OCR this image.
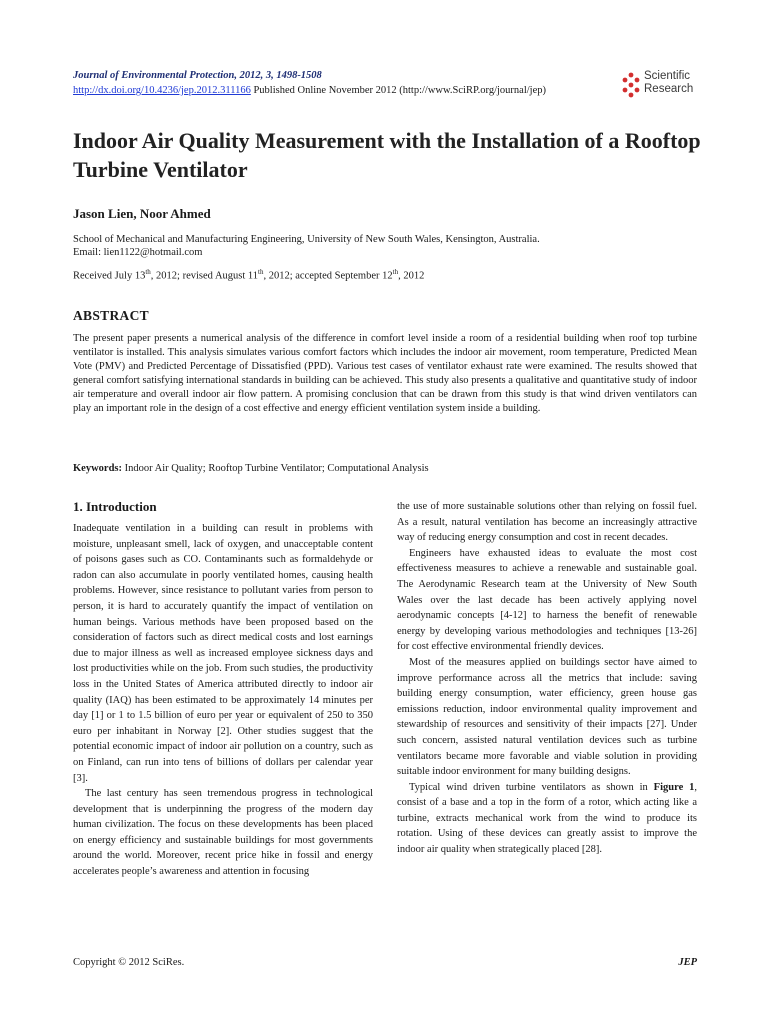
Journal of Environmental Protection, 2012, 3, 1498-1508
http://dx.doi.org/10.4236/jep.2012.311166 Published Online November 2012 (http://www.SciRP.org/journal/jep)
Scientific
Research
Indoor Air Quality Measurement with the Installation of a Rooftop Turbine Ventilator
Jason Lien, Noor Ahmed
School of Mechanical and Manufacturing Engineering, University of New South Wales, Kensington, Australia.
Email: lien1122@hotmail.com
Received July 13th, 2012; revised August 11th, 2012; accepted September 12th, 2012
ABSTRACT
The present paper presents a numerical analysis of the difference in comfort level inside a room of a residential building when roof top turbine ventilator is installed. This analysis simulates various comfort factors which includes the indoor air movement, room temperature, Predicted Mean Vote (PMV) and Predicted Percentage of Dissatisfied (PPD). Various test cases of ventilator exhaust rate were examined. The results showed that general comfort satisfying international standards in building can be achieved. This study also presents a qualitative and quantitative study of indoor air temperature and overall indoor air flow pattern. A promising conclusion that can be drawn from this study is that wind driven ventilators can play an important role in the design of a cost effective and energy efficient ventilation system inside a building.
Keywords: Indoor Air Quality; Rooftop Turbine Ventilator; Computational Analysis
1. Introduction

Inadequate ventilation in a building can result in problems with moisture, unpleasant smell, lack of oxygen, and unacceptable content of poisons gases such as CO. Contaminants such as formaldehyde or radon can also accumulate in poorly ventilated homes, causing health problems. However, since resistance to pollutant varies from person to person, it is hard to accurately quantify the impact of ventilation on human beings. Various methods have been proposed based on the consideration of factors such as direct medical costs and lost earnings due to major illness as well as increased employee sickness days and lost productivities while on the job. From such studies, the productivity loss in the United States of America attributed directly to indoor air quality (IAQ) has been estimated to be approximately 14 minutes per day [1] or 1 to 1.5 billion of euro per year or equivalent of 250 to 350 euro per inhabitant in Norway [2]. Other studies suggest that the potential economic impact of indoor air pollution on a country, such as on Finland, can run into tens of billions of dollars per calendar year [3].

The last century has seen tremendous progress in technological development that is underpinning the progress of the modern day human civilization. The focus on these developments has been placed on energy efficiency and sustainable buildings for most governments around the world. Moreover, recent price hike in fossil and energy accelerates people’s awareness and attention in focusing

the use of more sustainable solutions other than relying on fossil fuel. As a result, natural ventilation has become an increasingly attractive way of reducing energy consumption and cost in recent decades.

Engineers have exhausted ideas to evaluate the most cost effectiveness measures to achieve a renewable and sustainable goal. The Aerodynamic Research team at the University of New South Wales over the last decade has been actively applying novel aerodynamic concepts [4-12] to harness the benefit of renewable energy by developing various methodologies and techniques [13-26] for cost effective environmental friendly devices.

Most of the measures applied on buildings sector have aimed to improve performance across all the metrics that include: saving building energy consumption, water efficiency, green house gas emissions reduction, indoor environmental quality improvement and stewardship of resources and sensitivity of their impacts [27]. Under such concern, assisted natural ventilation devices such as turbine ventilators became more favorable and viable solution in providing suitable indoor environment for many building designs.

Typical wind driven turbine ventilators as shown in Figure 1, consist of a base and a top in the form of a rotor, which acting like a turbine, extracts mechanical work from the wind to produce its rotation. Using of these devices can greatly assist to improve the indoor air quality when strategically placed [28].

Copyright © 2012 SciRes.	JEP
